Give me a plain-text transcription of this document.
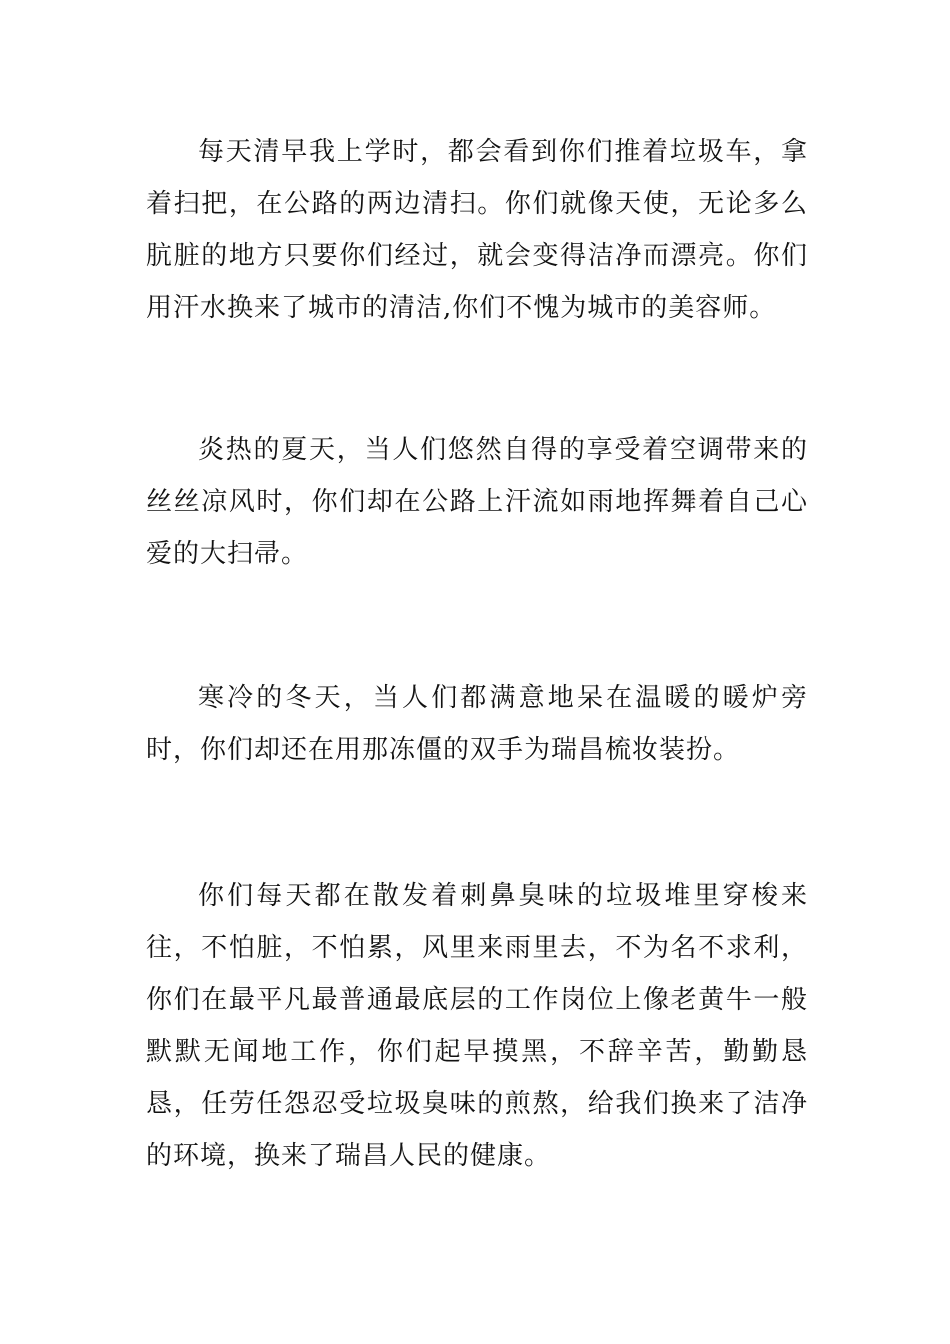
每天清早我上学时，都会看到你们推着垃圾车，拿着扫把，在公路的两边清扫。你们就像天使，无论多么肮脏的地方只要你们经过，就会变得洁净而漂亮。你们用汗水换来了城市的清洁,你们不愧为城市的美容师。

炎热的夏天，当人们悠然自得的享受着空调带来的丝丝凉风时，你们却在公路上汗流如雨地挥舞着自己心爱的大扫帚。

寒冷的冬天，当人们都满意地呆在温暖的暖炉旁时，你们却还在用那冻僵的双手为瑞昌梳妆装扮。

你们每天都在散发着刺鼻臭味的垃圾堆里穿梭来往，不怕脏，不怕累，风里来雨里去，不为名不求利，你们在最平凡最普通最底层的工作岗位上像老黄牛一般默默无闻地工作，你们起早摸黑，不辞辛苦，勤勤恳恳，任劳任怨忍受垃圾臭味的煎熬，给我们换来了洁净的环境，换来了瑞昌人民的健康。
